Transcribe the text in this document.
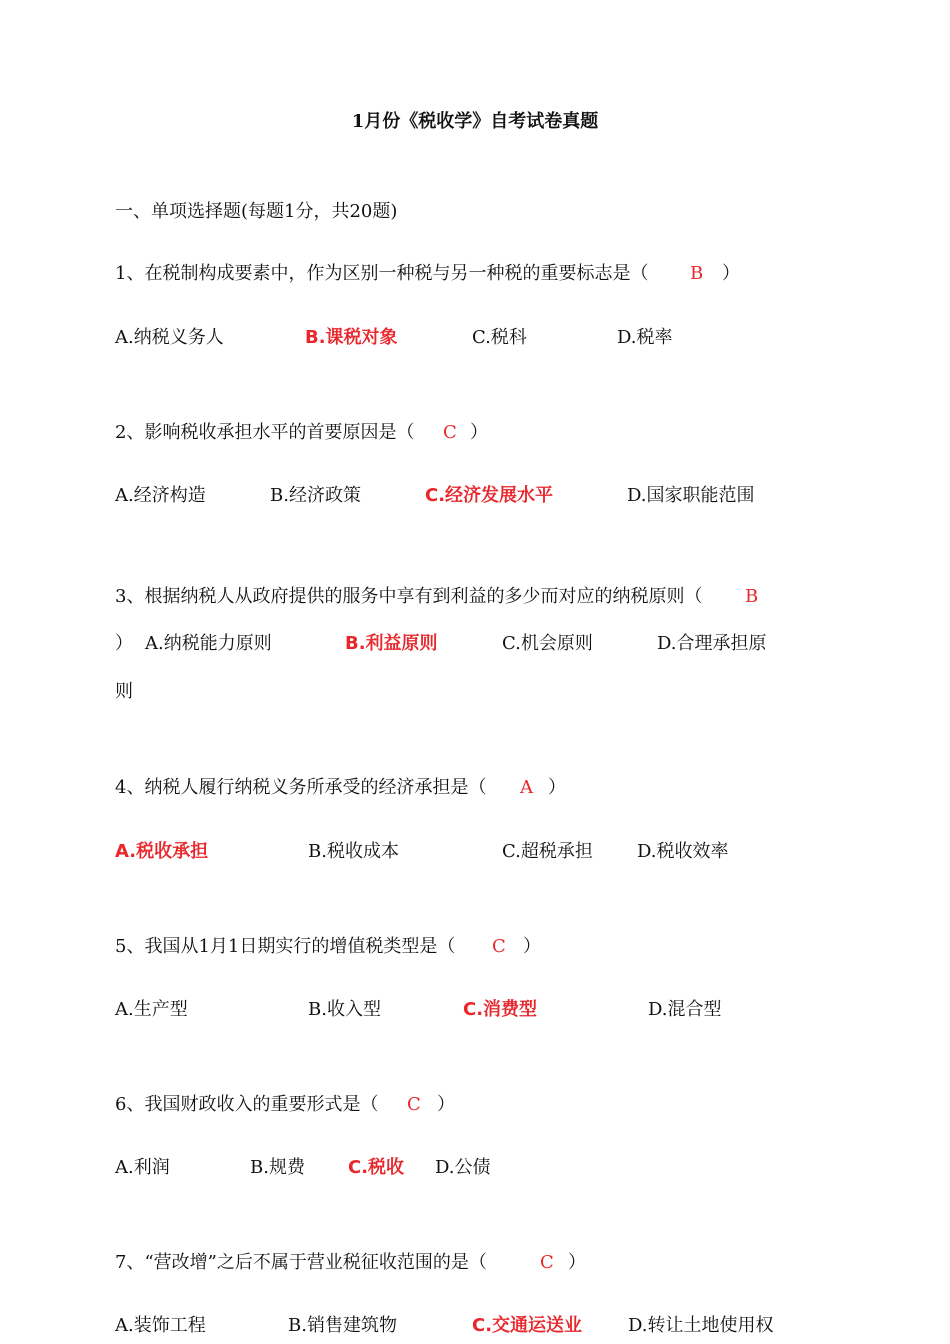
1月份《税收学》自考试卷真题
一、单项选择题(每题1分，共20题)
1、在税制构成要素中，作为区别一种税与另一种税的重要标志是（ B ）
A.纳税义务人	B.课税对象	C.税科	D.税率
2、影响税收承担水平的首要原因是（ C ）
A.经济构造	B.经济政策	C.经济发展水平	D.国家职能范围
3、根据纳税人从政府提供的服务中享有到利益的多少而对应的纳税原则（ B
） A.纳税能力原则	B.利益原则	C.机会原则	D.合理承担原
则
4、纳税人履行纳税义务所承受的经济承担是（ A ）
A.税收承担	B.税收成本	C.超税承担 D.税收效率
5、我国从1月1日期实行的增值税类型是（ C ）
A.生产型	B.收入型	C.消费型	D.混合型
6、我国财政收入的重要形式是（ C ）
A.利润	B.规费 C.税收 D.公债
7、“营改增”之后不属于营业税征收范围的是（	C ）
A.装饰工程	B.销售建筑物	C.交通运送业	D.转让土地使用权
